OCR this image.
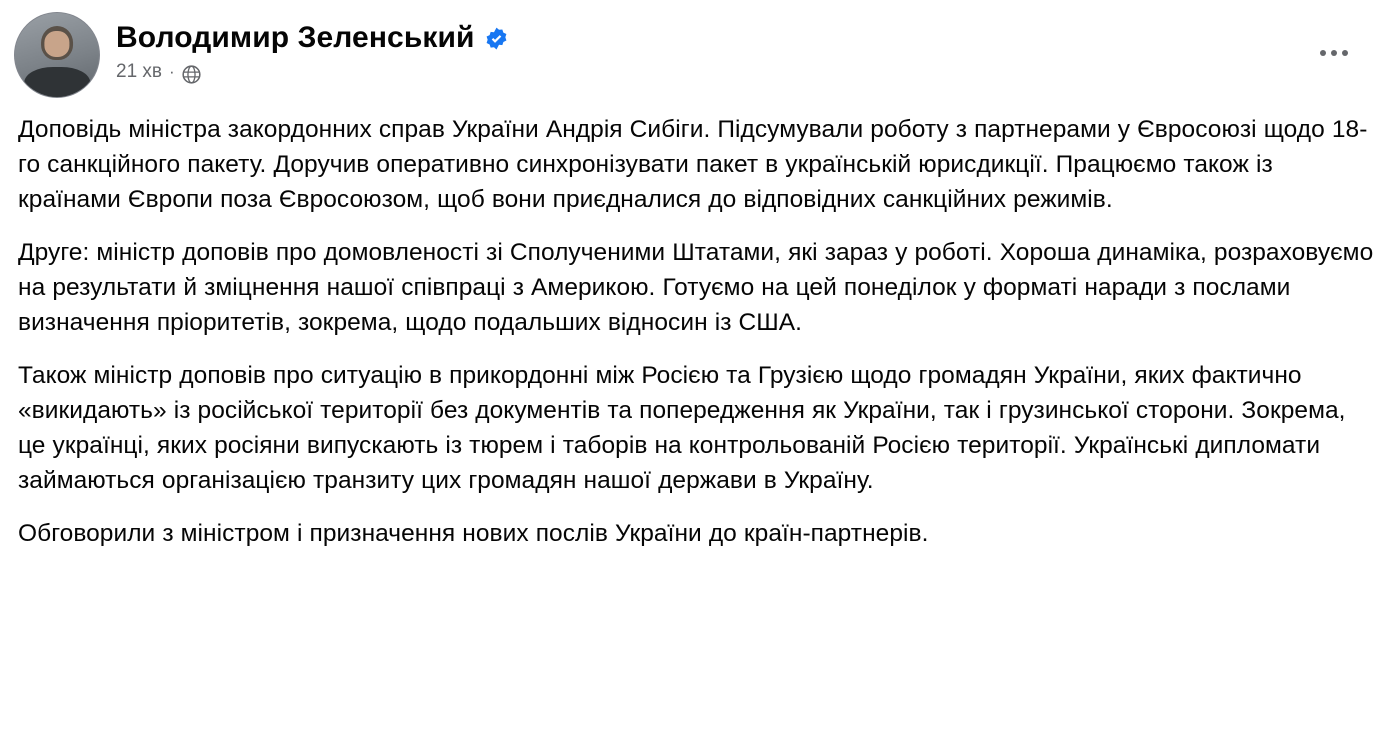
Володимир Зеленський
21 хв ·

Доповідь міністра закордонних справ України Андрія Сибіги. Підсумували роботу з партнерами у Євросоюзі щодо 18-го санкційного пакету. Доручив оперативно синхронізувати пакет в українській юрисдикції. Працюємо також із країнами Європи поза Євросоюзом, щоб вони приєдналися до відповідних санкційних режимів.

Друге: міністр доповів про домовленості зі Сполученими Штатами, які зараз у роботі. Хороша динаміка, розраховуємо на результати й зміцнення нашої співпраці з Америкою. Готуємо на цей понеділок у форматі наради з послами визначення пріоритетів, зокрема, щодо подальших відносин із США.

Також міністр доповів про ситуацію в прикордонні між Росією та Грузією щодо громадян України, яких фактично «викидають» із російської території без документів та попередження як України, так і грузинської сторони. Зокрема, це українці, яких росіяни випускають із тюрем і таборів на контрольованій Росією території. Українські дипломати займаються організацією транзиту цих громадян нашої держави в Україну.

Обговорили з міністром і призначення нових послів України до країн-партнерів.
